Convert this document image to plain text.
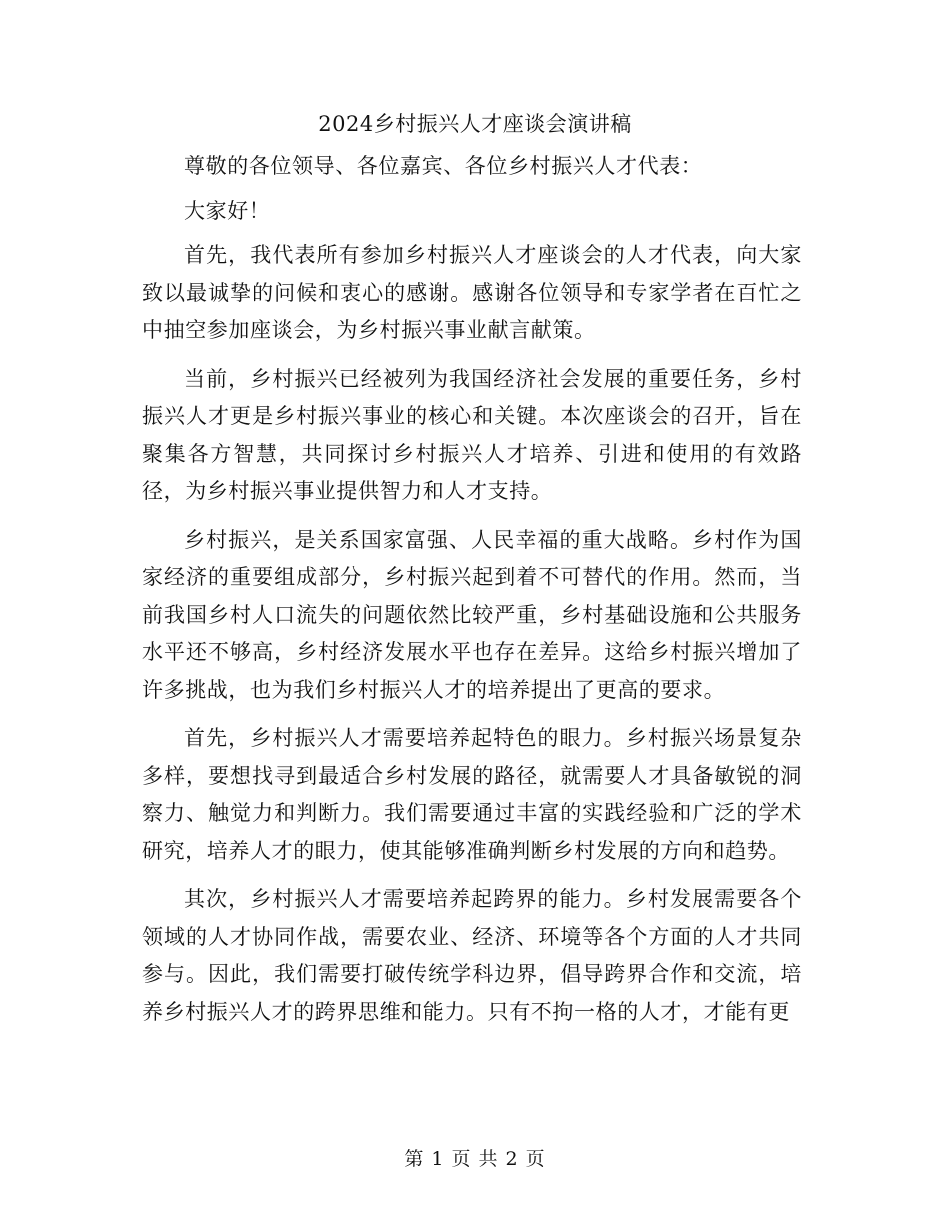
2024乡村振兴人才座谈会演讲稿

尊敬的各位领导、各位嘉宾、各位乡村振兴人才代表：

大家好！

首先，我代表所有参加乡村振兴人才座谈会的人才代表，向大家致以最诚挚的问候和衷心的感谢。感谢各位领导和专家学者在百忙之中抽空参加座谈会，为乡村振兴事业献言献策。

当前，乡村振兴已经被列为我国经济社会发展的重要任务，乡村振兴人才更是乡村振兴事业的核心和关键。本次座谈会的召开，旨在聚集各方智慧，共同探讨乡村振兴人才培养、引进和使用的有效路径，为乡村振兴事业提供智力和人才支持。

乡村振兴，是关系国家富强、人民幸福的重大战略。乡村作为国家经济的重要组成部分，乡村振兴起到着不可替代的作用。然而，当前我国乡村人口流失的问题依然比较严重，乡村基础设施和公共服务水平还不够高，乡村经济发展水平也存在差异。这给乡村振兴增加了许多挑战，也为我们乡村振兴人才的培养提出了更高的要求。

首先，乡村振兴人才需要培养起特色的眼力。乡村振兴场景复杂多样，要想找寻到最适合乡村发展的路径，就需要人才具备敏锐的洞察力、触觉力和判断力。我们需要通过丰富的实践经验和广泛的学术研究，培养人才的眼力，使其能够准确判断乡村发展的方向和趋势。

其次，乡村振兴人才需要培养起跨界的能力。乡村发展需要各个领域的人才协同作战，需要农业、经济、环境等各个方面的人才共同参与。因此，我们需要打破传统学科边界，倡导跨界合作和交流，培养乡村振兴人才的跨界思维和能力。只有不拘一格的人才，才能有更

第 1 页 共 2 页
